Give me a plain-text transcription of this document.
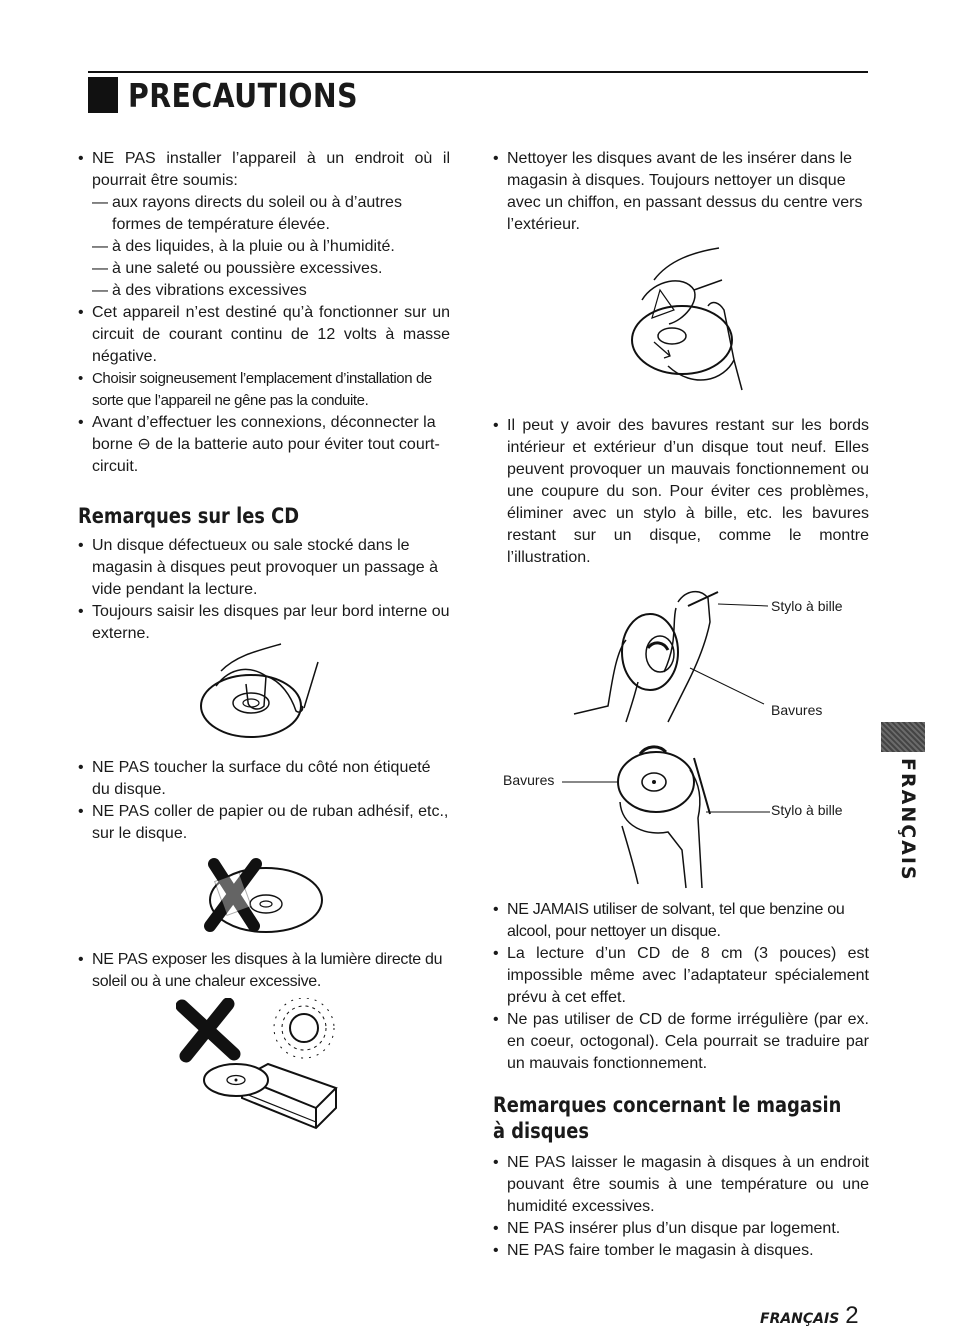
PRECAUTIONS
• NE PAS installer l’appareil à un endroit où il pourrait être soumis:
— aux rayons directs du soleil ou à d’autres formes de température élevée.
— à des liquides, à la pluie ou à l’humidité.
— à une saleté ou poussière excessives.
— à des vibrations excessives
• Cet appareil n’est destiné qu’à fonctionner sur un circuit de courant continu de 12 volts à masse négative.
• Choisir soigneusement l’emplacement d’installation de sorte que l’appareil ne gêne pas la conduite.
• Avant d’effectuer les connexions, déconnecter la borne ⊖ de la batterie auto pour éviter tout court-circuit.
Remarques sur les CD
• Un disque défectueux ou sale stocké dans le magasin à disques peut provoquer un passage à vide pendant la lecture.
• Toujours saisir les disques par leur bord interne ou externe.
• NE PAS toucher la surface du côté non étiqueté du disque.
• NE PAS coller de papier ou de ruban adhésif, etc., sur le disque.
• NE PAS exposer les disques à la lumière directe du soleil ou à une chaleur excessive.
• Nettoyer les disques avant de les insérer dans le magasin à disques. Toujours nettoyer un disque avec un chiffon, en passant dessus du centre vers l’extérieur.
• Il peut y avoir des bavures restant sur les bords intérieur et extérieur d’un disque tout neuf. Elles peuvent provoquer un mauvais fonctionnement ou une coupure du son. Pour éviter ces problèmes, éliminer avec un stylo à bille, etc. les bavures restant sur un disque, comme le montre l’illustration.
Stylo à bille
Bavures
Bavures
Stylo à bille
• NE JAMAIS utiliser de solvant, tel que benzine ou alcool, pour nettoyer un disque.
• La lecture d’un CD de 8 cm (3 pouces) est impossible même avec l’adaptateur spécialement prévu à cet effet.
• Ne pas utiliser de CD de forme irrégulière (par ex. en coeur, octogonal). Cela pourrait se traduire par un mauvais fonctionnement.
Remarques concernant le magasin
à disques
• NE PAS laisser le magasin à disques à un endroit pouvant être soumis à une température ou une humidité excessives.
• NE PAS insérer plus d’un disque par logement.
• NE PAS faire tomber le magasin à disques.
FRANÇAIS
FRANÇAIS 2
